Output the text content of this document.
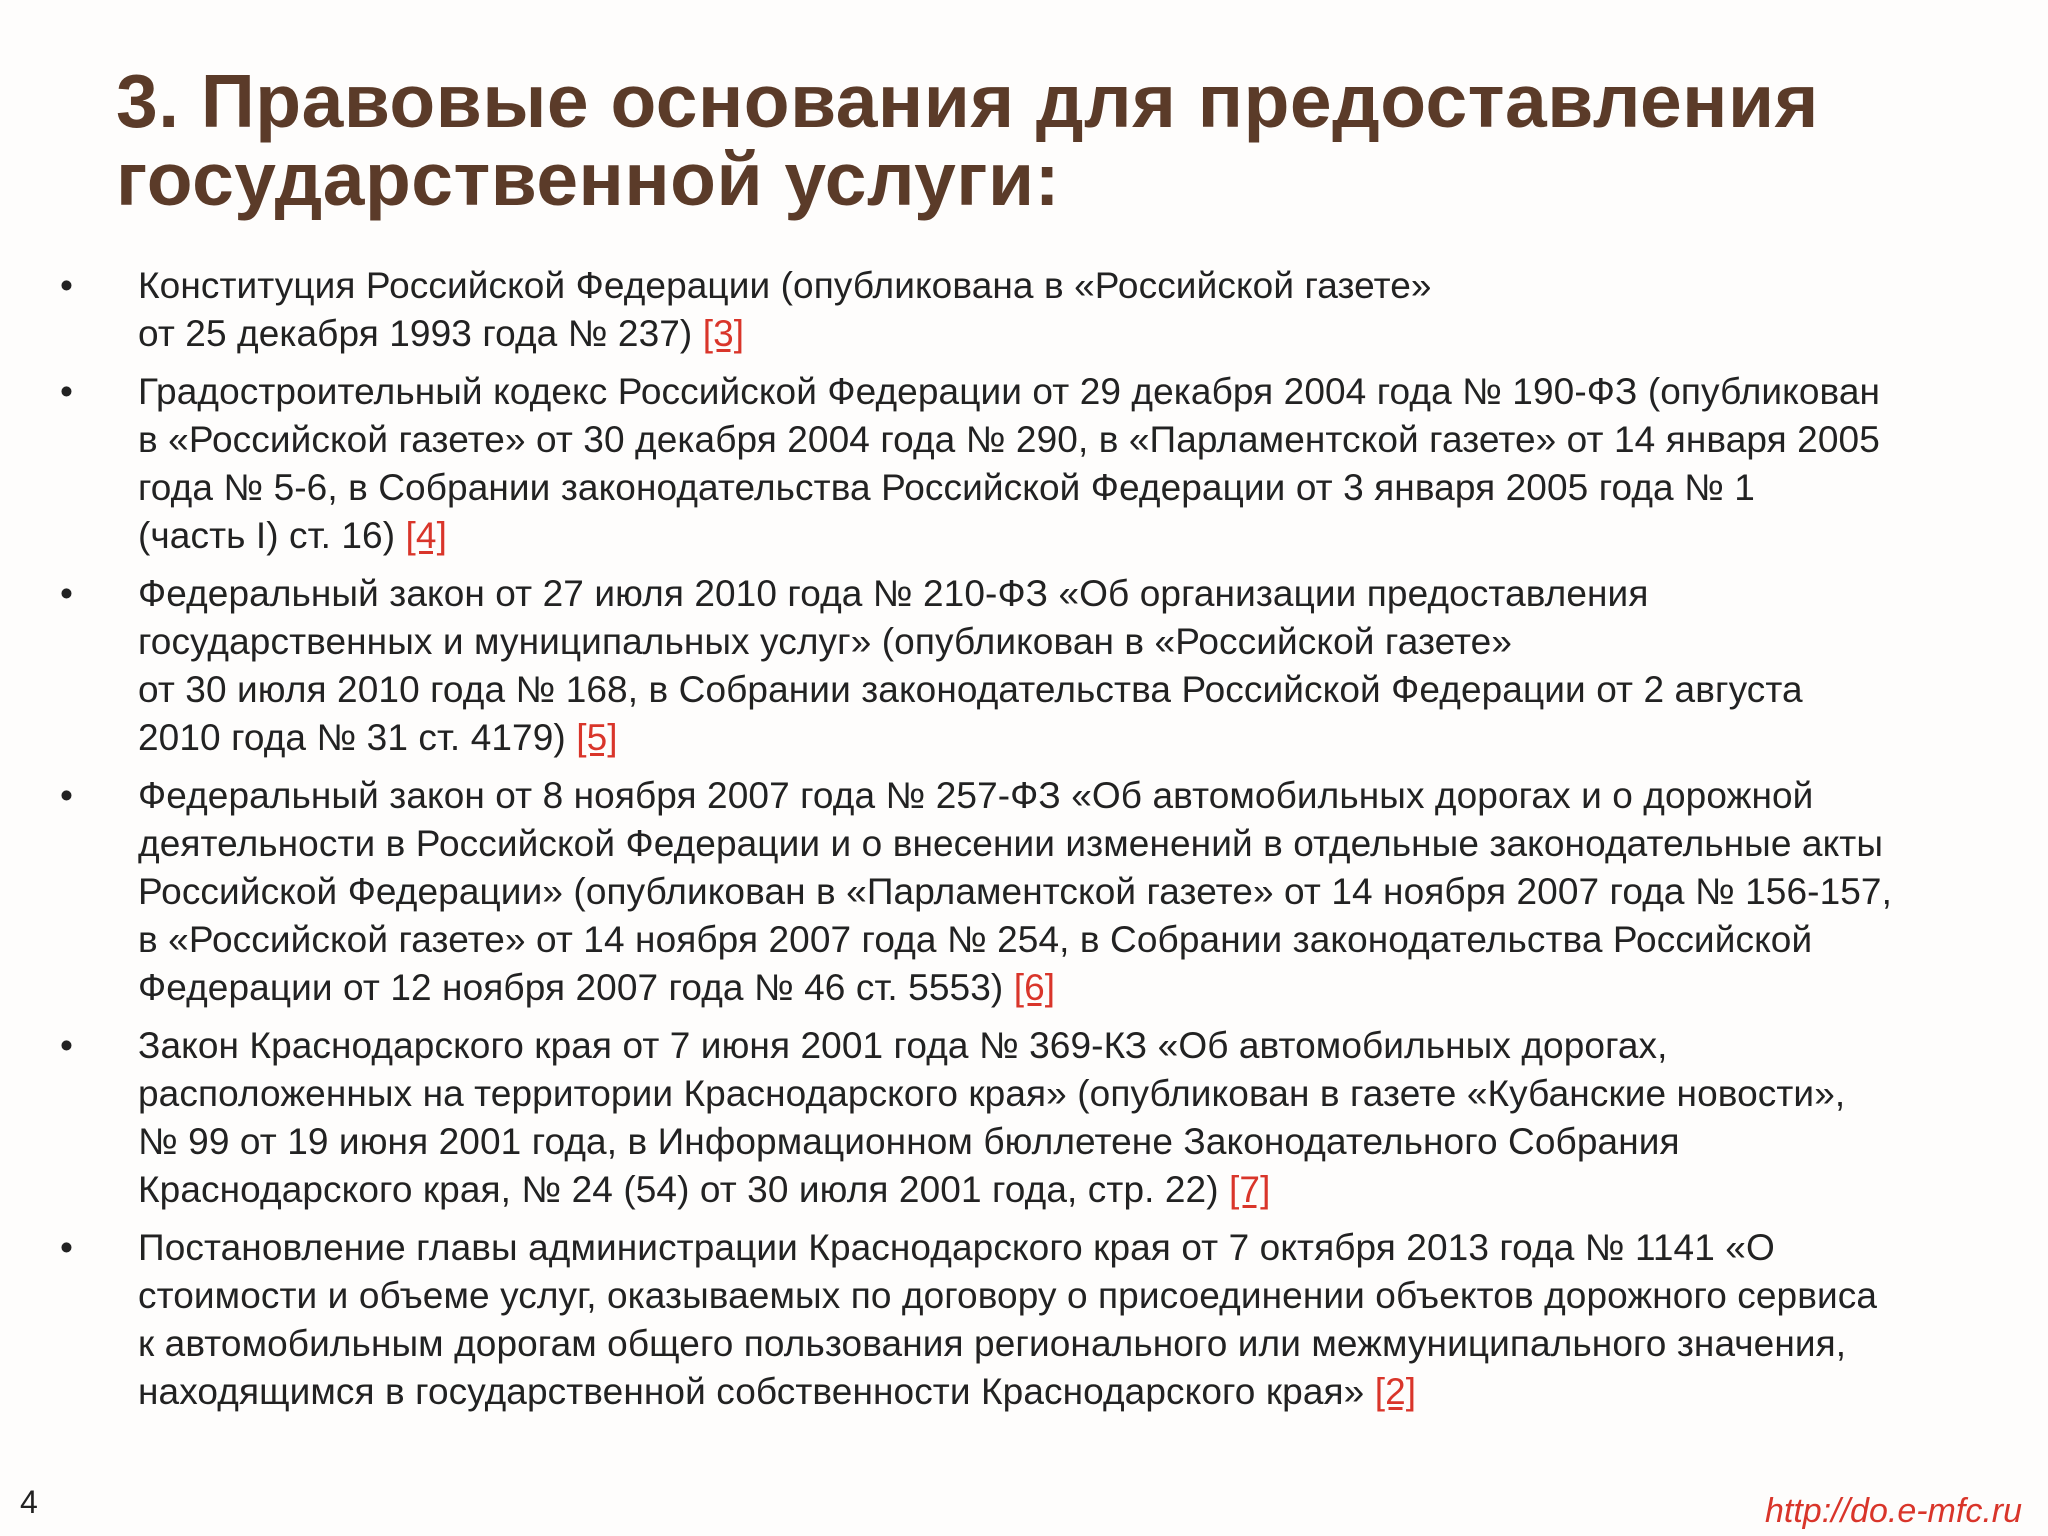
3. Правовые основания для предоставления
государственной услуги:
• Конституция Российской Федерации (опубликована в «Российской газете»
от 25 декабря 1993 года № 237) [3]
• Градостроительный кодекс Российской Федерации от 29 декабря 2004 года № 190-ФЗ (опубликован
в «Российской газете» от 30 декабря 2004 года № 290, в «Парламентской газете» от 14 января 2005
года № 5-6, в Собрании законодательства Российской Федерации от 3 января 2005 года № 1
(часть I) ст. 16) [4]
• Федеральный закон от 27 июля 2010 года № 210-ФЗ «Об организации предоставления
государственных и муниципальных услуг» (опубликован в «Российской газете»
от 30 июля 2010 года № 168, в Собрании законодательства Российской Федерации от 2 августа
2010 года № 31 ст. 4179) [5]
• Федеральный закон от 8 ноября 2007 года № 257-ФЗ «Об автомобильных дорогах и о дорожной
деятельности в Российской Федерации и о внесении изменений в отдельные законодательные акты
Российской Федерации» (опубликован в «Парламентской газете» от 14 ноября 2007 года № 156-157,
в «Российской газете» от 14 ноября 2007 года № 254, в Собрании законодательства Российской
Федерации от 12 ноября 2007 года № 46 ст. 5553) [6]
• Закон Краснодарского края от 7 июня 2001 года № 369-КЗ «Об автомобильных дорогах,
расположенных на территории Краснодарского края» (опубликован в газете «Кубанские новости»,
№ 99 от 19 июня 2001 года, в Информационном бюллетене Законодательного Собрания
Краснодарского края, № 24 (54) от 30 июля 2001 года, стр. 22) [7]
• Постановление главы администрации Краснодарского края от 7 октября 2013 года № 1141 «О
стоимости и объеме услуг, оказываемых по договору о присоединении объектов дорожного сервиса
к автомобильным дорогам общего пользования регионального или межмуниципального значения,
находящимся в государственной собственности Краснодарского края» [2]
4	http://do.e-mfc.ru
